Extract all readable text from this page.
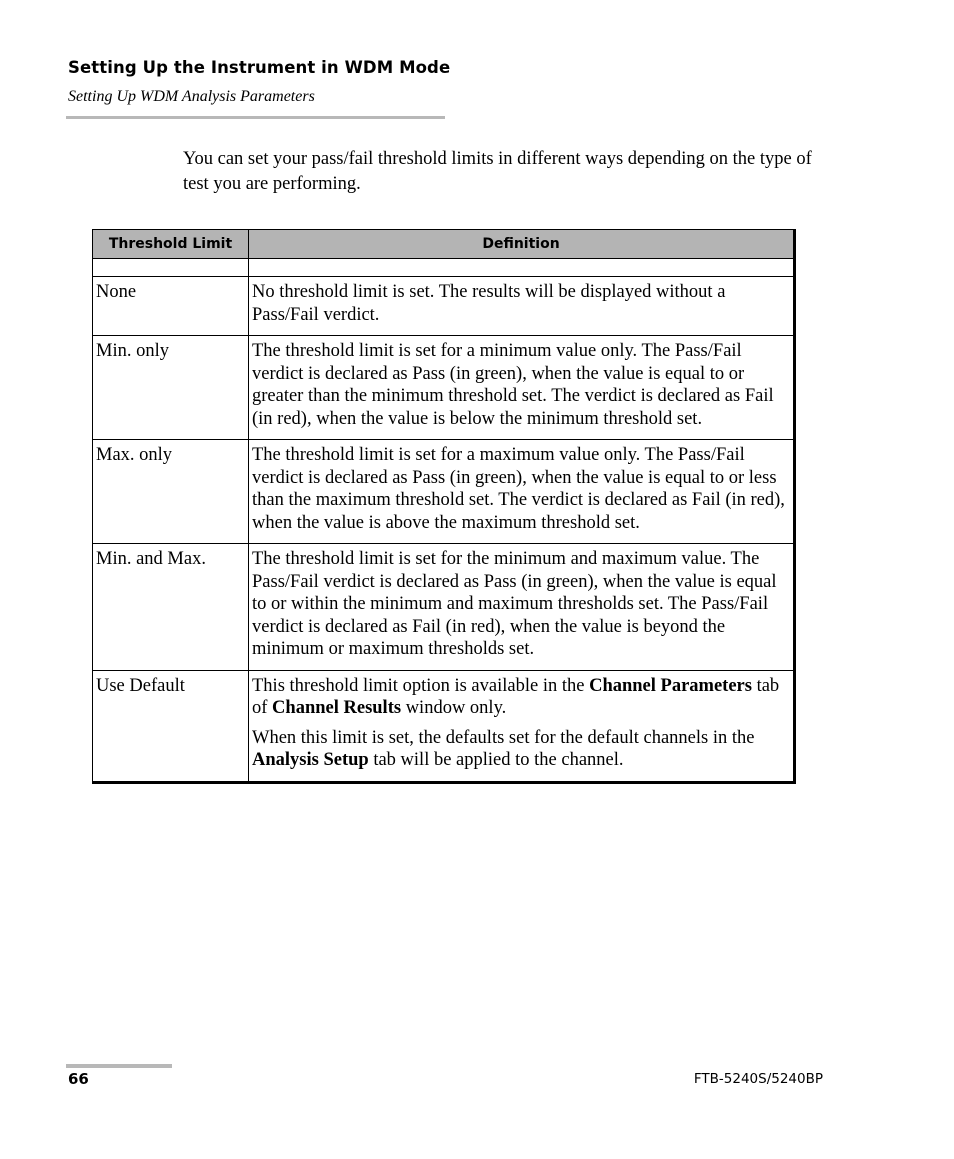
Setting Up the Instrument in WDM Mode
Setting Up WDM Analysis Parameters

You can set your pass/fail threshold limits in different ways depending on the type of test you are performing.

Threshold Limit	Definition

None	No threshold limit is set. The results will be displayed without a Pass/Fail verdict.

Min. only	The threshold limit is set for a minimum value only. The Pass/Fail verdict is declared as Pass (in green), when the value is equal to or greater than the minimum threshold set. The verdict is declared as Fail (in red), when the value is below the minimum threshold set.

Max. only	The threshold limit is set for a maximum value only. The Pass/Fail verdict is declared as Pass (in green), when the value is equal to or less than the maximum threshold set. The verdict is declared as Fail (in red), when the value is above the maximum threshold set.

Min. and Max.	The threshold limit is set for the minimum and maximum value. The Pass/Fail verdict is declared as Pass (in green), when the value is equal to or within the minimum and maximum thresholds set. The Pass/Fail verdict is declared as Fail (in red), when the value is beyond the minimum or maximum thresholds set.

Use Default	This threshold limit option is available in the Channel Parameters tab of Channel Results window only.

When this limit is set, the defaults set for the default channels in the Analysis Setup tab will be applied to the channel.

66	FTB-5240S/5240BP
